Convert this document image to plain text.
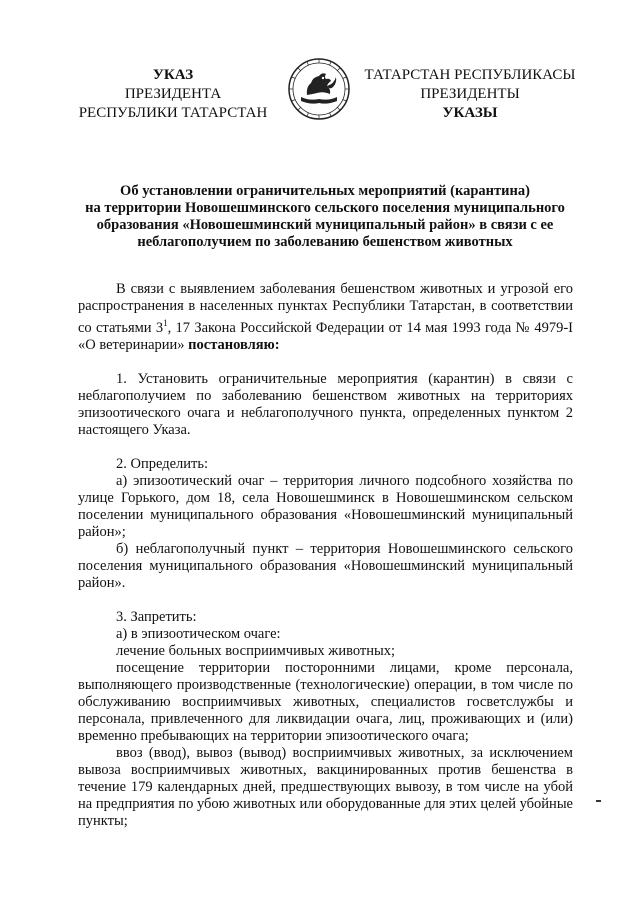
УКАЗ
ПРЕЗИДЕНТА
РЕСПУБЛИКИ ТАТАРСТАН
ТАТАРСТАН РЕСПУБЛИКАСЫ
ПРЕЗИДЕНТЫ
УКАЗЫ
Об установлении ограничительных мероприятий (карантина)
на территории Новошешминского сельского поселения муниципального
образования «Новошешминский муниципальный район» в связи с ее
неблагополучием по заболеванию бешенством животных

В связи с выявлением заболевания бешенством животных и угрозой его распространения в населенных пунктах Республики Татарстан, в соответствии со статьями $3^1$, 17 Закона Российской Федерации от 14 мая 1993 года № 4979-I «О ветеринарии» постановляю:

1. Установить ограничительные мероприятия (карантин) в связи с неблагополучием по заболеванию бешенством животных на территориях эпизоотического очага и неблагополучного пункта, определенных пунктом 2 настоящего Указа.

2. Определить:

а) эпизоотический очаг – территория личного подсобного хозяйства по улице Горького, дом 18, села Новошешминск в Новошешминском сельском поселении муниципального образования «Новошешминский муниципальный район»;

б) неблагополучный пункт – территория Новошешминского сельского поселения муниципального образования «Новошешминский муниципальный район».

3. Запретить:

а) в эпизоотическом очаге:

лечение больных восприимчивых животных;

посещение территории посторонними лицами, кроме персонала, выполняющего производственные (технологические) операции, в том числе по обслуживанию восприимчивых животных, специалистов госветслужбы и персонала, привлеченного для ликвидации очага, лиц, проживающих и (или) временно пребывающих на территории эпизоотического очага;

ввоз (ввод), вывоз (вывод) восприимчивых животных, за исключением вывоза восприимчивых животных, вакцинированных против бешенства в течение 179 календарных дней, предшествующих вывозу, в том числе на убой на предприятия по убою животных или оборудованные для этих целей убойные пункты;
